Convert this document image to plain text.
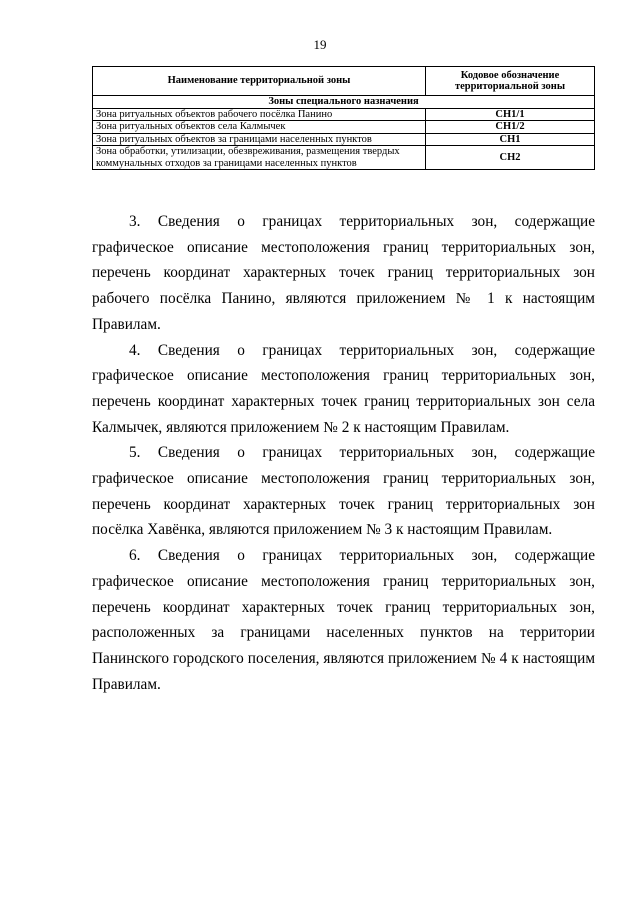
19
Наименование территориальной зоны	Кодовое обозначение территориальной зоны
Зоны специального назначения	
Зона ритуальных объектов рабочего посёлка Панино	СН1/1
Зона ритуальных объектов села Калмычек	СН1/2
Зона ритуальных объектов за границами населенных пунктов	СН1
Зона обработки, утилизации, обезвреживания, размещения твердых коммунальных отходов за границами населенных пунктов	СН2

3. Сведения о границах территориальных зон, содержащие графическое описание местоположения границ территориальных зон, перечень координат характерных точек границ территориальных зон рабочего посёлка Панино, являются приложением № 1 к настоящим Правилам.

4. Сведения о границах территориальных зон, содержащие графическое описание местоположения границ территориальных зон, перечень координат характерных точек границ территориальных зон села Калмычек, являются приложением № 2 к настоящим Правилам.

5. Сведения о границах территориальных зон, содержащие графическое описание местоположения границ территориальных зон, перечень координат характерных точек границ территориальных зон посёлка Хавёнка, являются приложением № 3 к настоящим Правилам.

6. Сведения о границах территориальных зон, содержащие графическое описание местоположения границ территориальных зон, перечень координат характерных точек границ территориальных зон, расположенных за границами населенных пунктов на территории Панинского городского поселения, являются приложением № 4 к настоящим Правилам.
